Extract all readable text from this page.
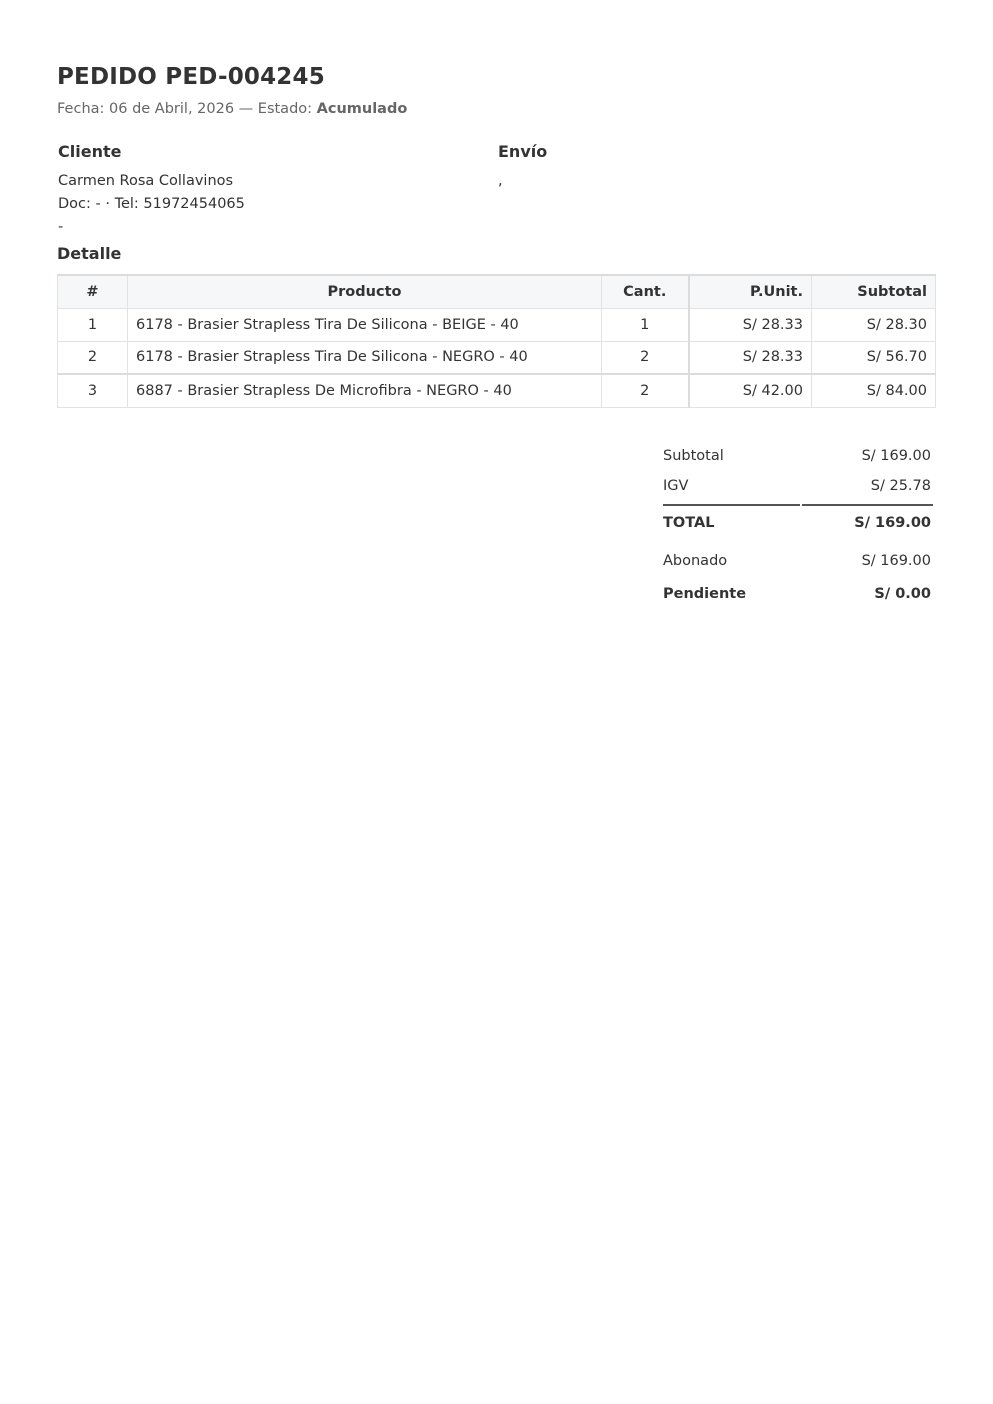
PEDIDO PED-004245
Fecha: 06 de Abril, 2026 — Estado: Acumulado
Cliente
Carmen Rosa Collavinos
Doc: - · Tel: 51972454065
-
Envío
,
Detalle
#	Producto	Cant.	P.Unit.	Subtotal
1	6178 - Brasier Strapless Tira De Silicona - BEIGE - 40	1	S/ 28.33	S/ 28.30
2	6178 - Brasier Strapless Tira De Silicona - NEGRO - 40	2	S/ 28.33	S/ 56.70
3	6887 - Brasier Strapless De Microfibra - NEGRO - 40	2	S/ 42.00	S/ 84.00
Subtotal	S/ 169.00
IGV	S/ 25.78
TOTAL	S/ 169.00
Abonado	S/ 169.00
Pendiente	S/ 0.00
